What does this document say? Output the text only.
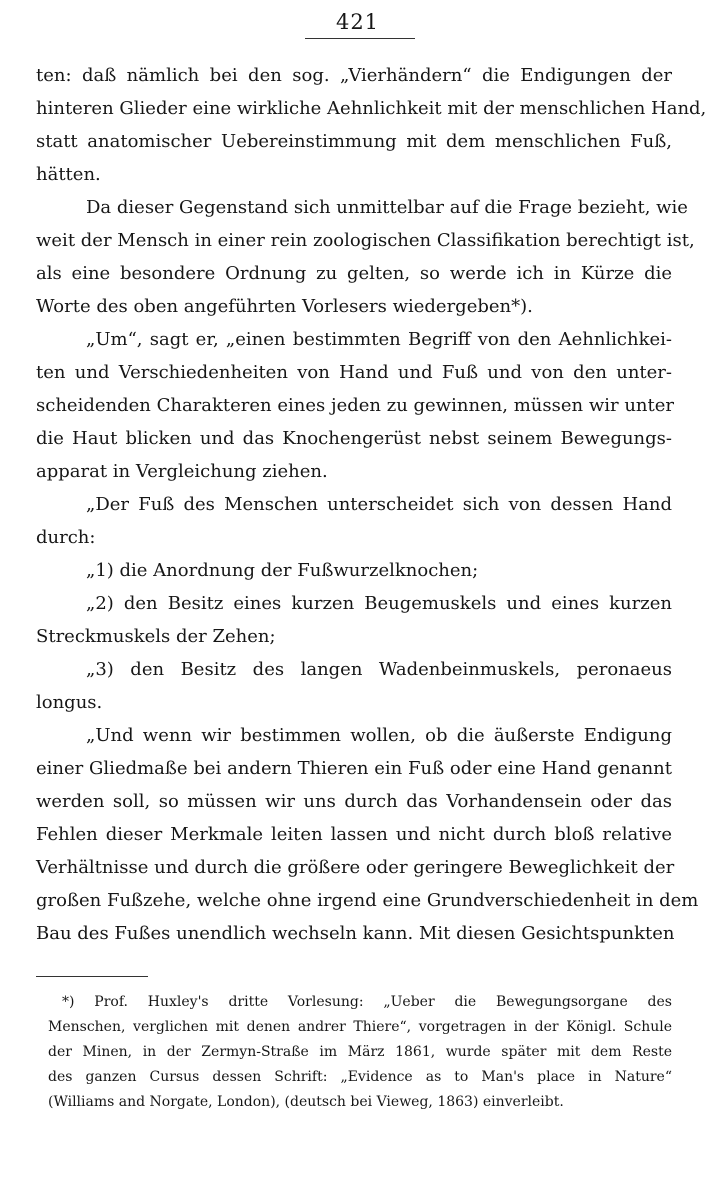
421
ten: daß nämlich bei den sog. „Vierhändern“ die Endigungen der
hinteren Glieder eine wirkliche Aehnlichkeit mit der menschlichen Hand,
statt anatomischer Uebereinstimmung mit dem menschlichen Fuß,
hätten.
Da dieser Gegenstand sich unmittelbar auf die Frage bezieht, wie
weit der Mensch in einer rein zoologischen Classifikation berechtigt ist,
als eine besondere Ordnung zu gelten, so werde ich in Kürze die
Worte des oben angeführten Vorlesers wiedergeben*).
„Um“, sagt er, „einen bestimmten Begriff von den Aehnlichkei-
ten und Verschiedenheiten von Hand und Fuß und von den unter-
scheidenden Charakteren eines jeden zu gewinnen, müssen wir unter
die Haut blicken und das Knochengerüst nebst seinem Bewegungs-
apparat in Vergleichung ziehen.
„Der Fuß des Menschen unterscheidet sich von dessen Hand
durch:
„1) die Anordnung der Fußwurzelknochen;
„2) den Besitz eines kurzen Beugemuskels und eines kurzen
Streckmuskels der Zehen;
„3) den Besitz des langen Wadenbeinmuskels, peronaeus
longus.
„Und wenn wir bestimmen wollen, ob die äußerste Endigung
einer Gliedmaße bei andern Thieren ein Fuß oder eine Hand genannt
werden soll, so müssen wir uns durch das Vorhandensein oder das
Fehlen dieser Merkmale leiten lassen und nicht durch bloß relative
Verhältnisse und durch die größere oder geringere Beweglichkeit der
großen Fußzehe, welche ohne irgend eine Grundverschiedenheit in dem
Bau des Fußes unendlich wechseln kann. Mit diesen Gesichtspunkten
*) Prof. Huxley's dritte Vorlesung: „Ueber die Bewegungsorgane des
Menschen, verglichen mit denen andrer Thiere“, vorgetragen in der Königl. Schule
der Minen, in der Zermyn-Straße im März 1861, wurde später mit dem Reste
des ganzen Cursus dessen Schrift: „Evidence as to Man's place in Nature“
(Williams and Norgate, London), (deutsch bei Vieweg, 1863) einverleibt.
